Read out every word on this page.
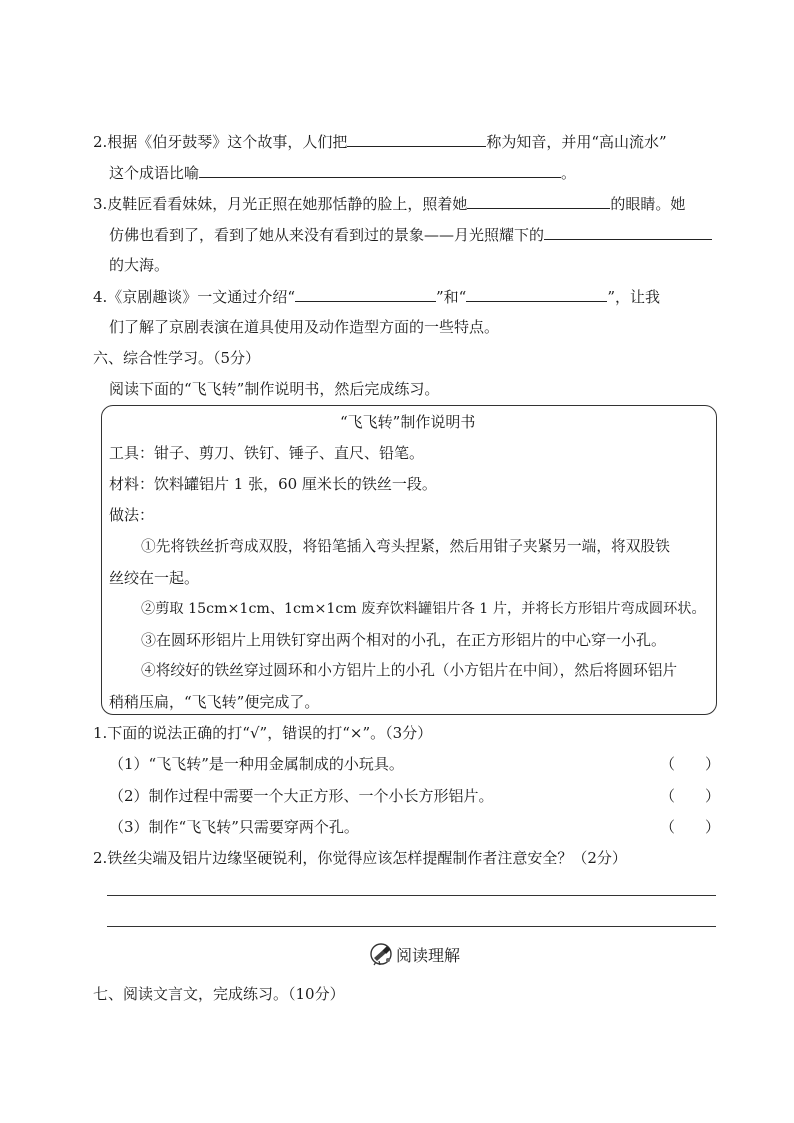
2.根据《伯牙鼓琴》这个故事，人们把	称为知音，并用“高山流水”
这个成语比喻	。
3.皮鞋匠看看妹妹，月光正照在她那恬静的脸上，照着她	的眼睛。她
仿佛也看到了，看到了她从来没有看到过的景象——月光照耀下的
的大海。
4.《京剧趣谈》一文通过介绍“	”和“	”，让我
们了解了京剧表演在道具使用及动作造型方面的一些特点。
六、综合性学习。（5分）
阅读下面的“飞飞转”制作说明书，然后完成练习。
“飞飞转”制作说明书
工具：钳子、剪刀、铁钉、锤子、直尺、铅笔。
材料：饮料罐铝片 1 张，60 厘米长的铁丝一段。
做法：
①先将铁丝折弯成双股，将铅笔插入弯头捏紧，然后用钳子夹紧另一端，将双股铁
丝绞在一起。
②剪取 15cm×1cm、1cm×1cm 废弃饮料罐铝片各 1 片，并将长方形铝片弯成圆环状。
③在圆环形铝片上用铁钉穿出两个相对的小孔，在正方形铝片的中心穿一小孔。
④将绞好的铁丝穿过圆环和小方铝片上的小孔（小方铝片在中间），然后将圆环铝片
稍稍压扁，“飞飞转”便完成了。
1.下面的说法正确的打“√”，错误的打“×”。（3分）
（1）“飞飞转”是一种用金属制成的小玩具。	（　　）
（2）制作过程中需要一个大正方形、一个小长方形铝片。	（　　）
（3）制作“飞飞转”只需要穿两个孔。	（　　）
2.铁丝尖端及铝片边缘坚硬锐利，你觉得应该怎样提醒制作者注意安全？（2分）
阅读理解
七、阅读文言文，完成练习。（10分）
